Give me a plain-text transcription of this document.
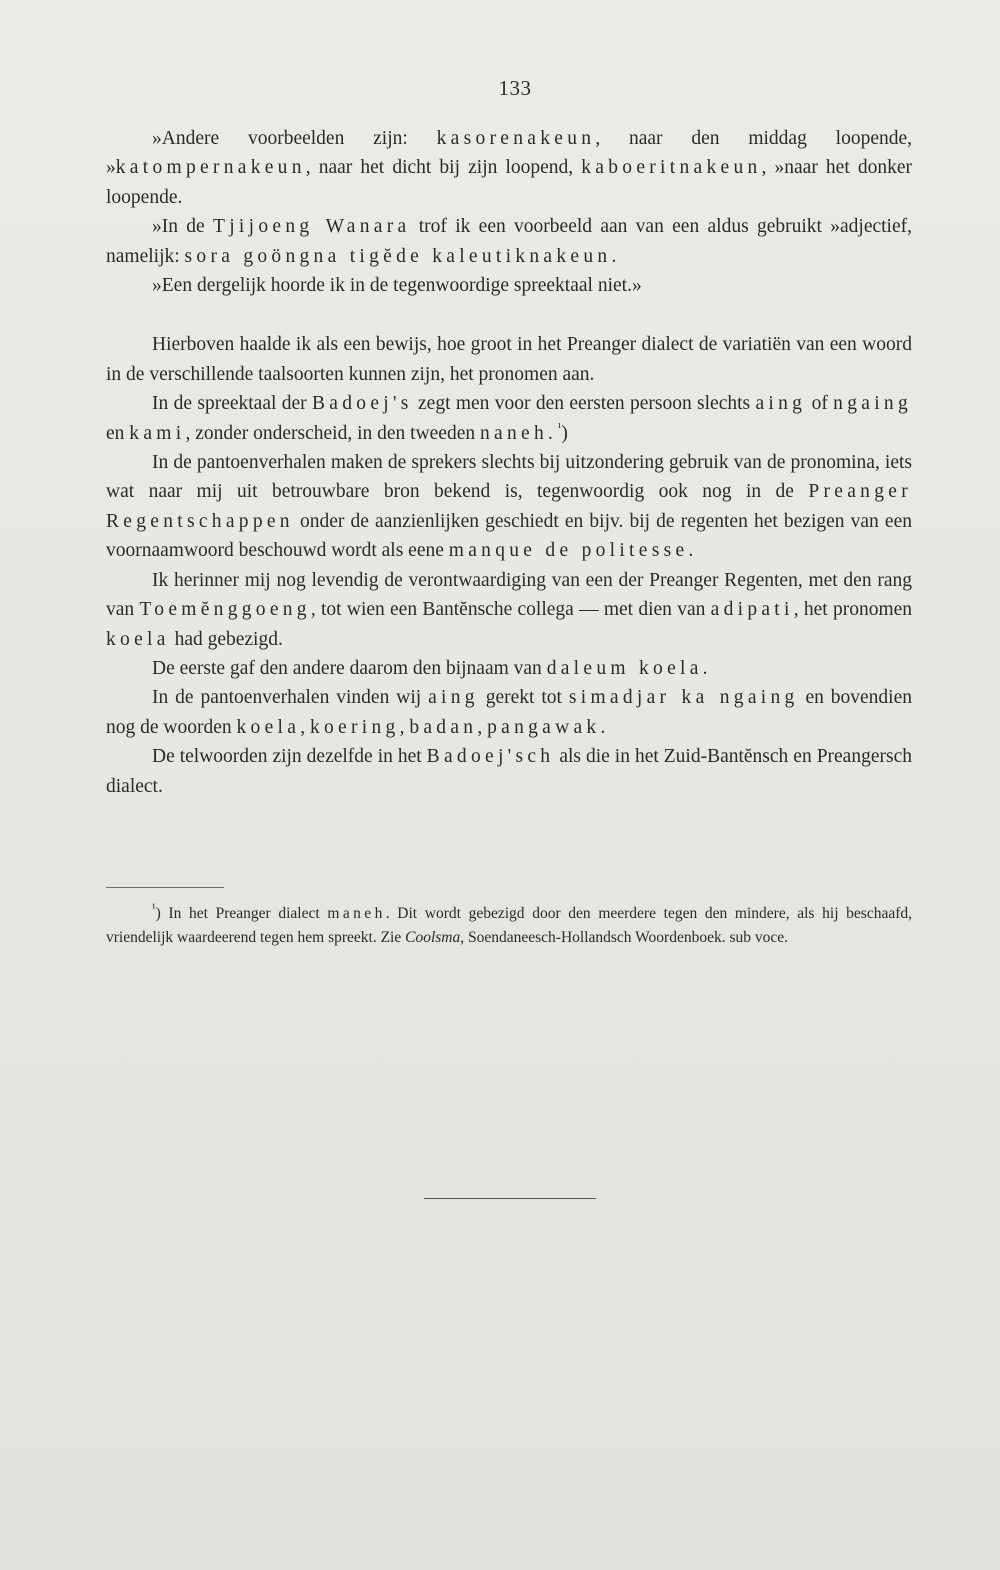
133

»Andere voorbeelden zijn: kasorenakeun, naar den middag loopende, »katompernakeun, naar het dicht bij zijn loopend, kaboeritnakeun, »naar het donker loopende.

»In de Tjijoeng Wanara trof ik een voorbeeld aan van een aldus gebruikt »adjectief, namelijk: sora goöngna tigĕde kaleutiknakeun.

»Een dergelijk hoorde ik in de tegenwoordige spreektaal niet.»

Hierboven haalde ik als een bewijs, hoe groot in het Preanger dialect de variatiën van een woord in de verschillende taalsoorten kunnen zijn, het pronomen aan.

In de spreektaal der Badoej's zegt men voor den eersten persoon slechts aing of ngaing en kami, zonder onderscheid, in den tweeden naneh. $^{^1}$)

In de pantoenverhalen maken de sprekers slechts bij uitzondering gebruik van de pronomina, iets wat naar mij uit betrouwbare bron bekend is, tegenwoordig ook nog in de Preanger Regentschappen onder de aanzienlijken geschiedt en bijv. bij de regenten het bezigen van een voornaamwoord beschouwd wordt als eene manque de politesse.

Ik herinner mij nog levendig de verontwaardiging van een der Preanger Regenten, met den rang van Toemĕnggoeng, tot wien een Bantĕnsche collega — met dien van adipati, het pronomen koela had gebezigd.

De eerste gaf den andere daarom den bijnaam van daleum koela.

In de pantoenverhalen vinden wij aing gerekt tot simadjar ka ngaing en bovendien nog de woorden koela, koering, badan, pangawak.

De telwoorden zijn dezelfde in het Badoej'sch als die in het Zuid-Bantĕnsch en Preangersch dialect.

$^{^1}$) In het Preanger dialect maneh. Dit wordt gebezigd door den meerdere tegen den mindere, als hij beschaafd, vriendelijk waardeerend tegen hem spreekt. Zie Coolsma, Soendaneesch-Hollandsch Woordenboek. sub voce.
